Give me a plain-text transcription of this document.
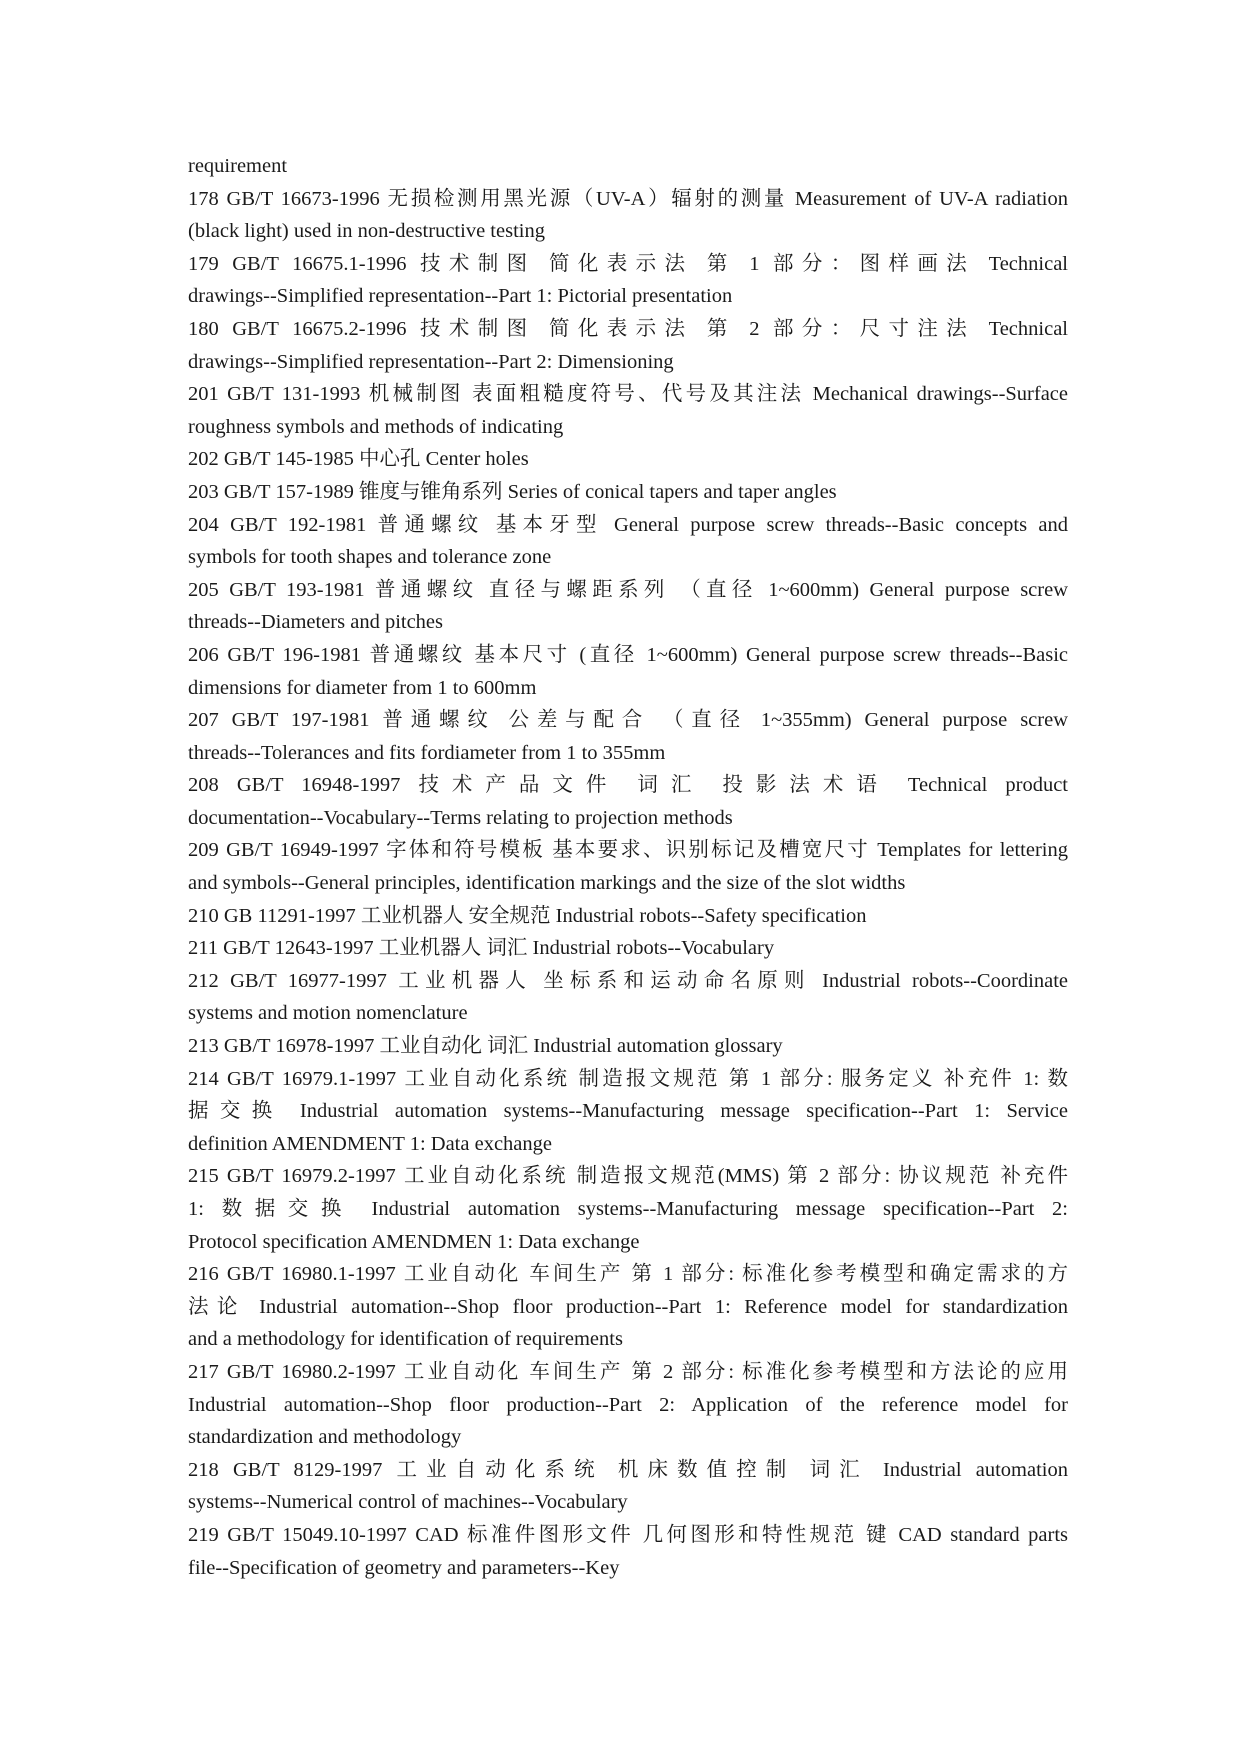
requirement
178 GB/T 16673-1996 无损检测用黑光源（UV-A）辐射的测量 Measurement of UV-A radiation
(black light) used in non-destructive testing
179 GB/T 16675.1-1996 技术制图 简化表示法 第 1 部分：图样画法 Technical
drawings--Simplified representation--Part 1: Pictorial presentation
180 GB/T 16675.2-1996 技术制图 简化表示法 第 2 部分：尺寸注法 Technical
drawings--Simplified representation--Part 2: Dimensioning
201 GB/T 131-1993 机械制图 表面粗糙度符号、代号及其注法 Mechanical drawings--Surface
roughness symbols and methods of indicating
202 GB/T 145-1985 中心孔 Center holes
203 GB/T 157-1989 锥度与锥角系列 Series of conical tapers and taper angles
204 GB/T 192-1981 普通螺纹 基本牙型 General purpose screw threads--Basic concepts and
symbols for tooth shapes and tolerance zone
205 GB/T 193-1981 普通螺纹 直径与螺距系列 （直径 1~600mm) General purpose screw
threads--Diameters and pitches
206 GB/T 196-1981 普通螺纹 基本尺寸 (直径 1~600mm) General purpose screw threads--Basic
dimensions for diameter from 1 to 600mm
207 GB/T 197-1981 普通螺纹 公差与配合 （直径 1~355mm) General purpose screw
threads--Tolerances and fits fordiameter from 1 to 355mm
208 GB/T 16948-1997 技术产品文件 词汇 投影法术语 Technical product
documentation--Vocabulary--Terms relating to projection methods
209 GB/T 16949-1997 字体和符号模板 基本要求、识别标记及槽宽尺寸 Templates for lettering
and symbols--General principles, identification markings and the size of the slot widths
210 GB 11291-1997 工业机器人 安全规范 Industrial robots--Safety specification
211 GB/T 12643-1997 工业机器人 词汇 Industrial robots--Vocabulary
212 GB/T 16977-1997 工业机器人 坐标系和运动命名原则 Industrial robots--Coordinate
systems and motion nomenclature
213 GB/T 16978-1997 工业自动化 词汇 Industrial automation glossary
214 GB/T 16979.1-1997 工业自动化系统 制造报文规范 第 1 部分: 服务定义 补充件 1: 数
据交换 Industrial automation systems--Manufacturing message specification--Part 1: Service
definition AMENDMENT 1: Data exchange
215 GB/T 16979.2-1997 工业自动化系统 制造报文规范(MMS) 第 2 部分: 协议规范 补充件
1: 数据交换 Industrial automation systems--Manufacturing message specification--Part 2:
Protocol specification AMENDMEN 1: Data exchange
216 GB/T 16980.1-1997 工业自动化 车间生产 第 1 部分: 标准化参考模型和确定需求的方
法论 Industrial automation--Shop floor production--Part 1: Reference model for standardization
and a methodology for identification of requirements
217 GB/T 16980.2-1997 工业自动化 车间生产 第 2 部分: 标准化参考模型和方法论的应用
Industrial automation--Shop floor production--Part 2: Application of the reference model for
standardization and methodology
218 GB/T 8129-1997 工业自动化系统 机床数值控制 词汇 Industrial automation
systems--Numerical control of machines--Vocabulary
219 GB/T 15049.10-1997 CAD 标准件图形文件 几何图形和特性规范 键 CAD standard parts
file--Specification of geometry and parameters--Key
